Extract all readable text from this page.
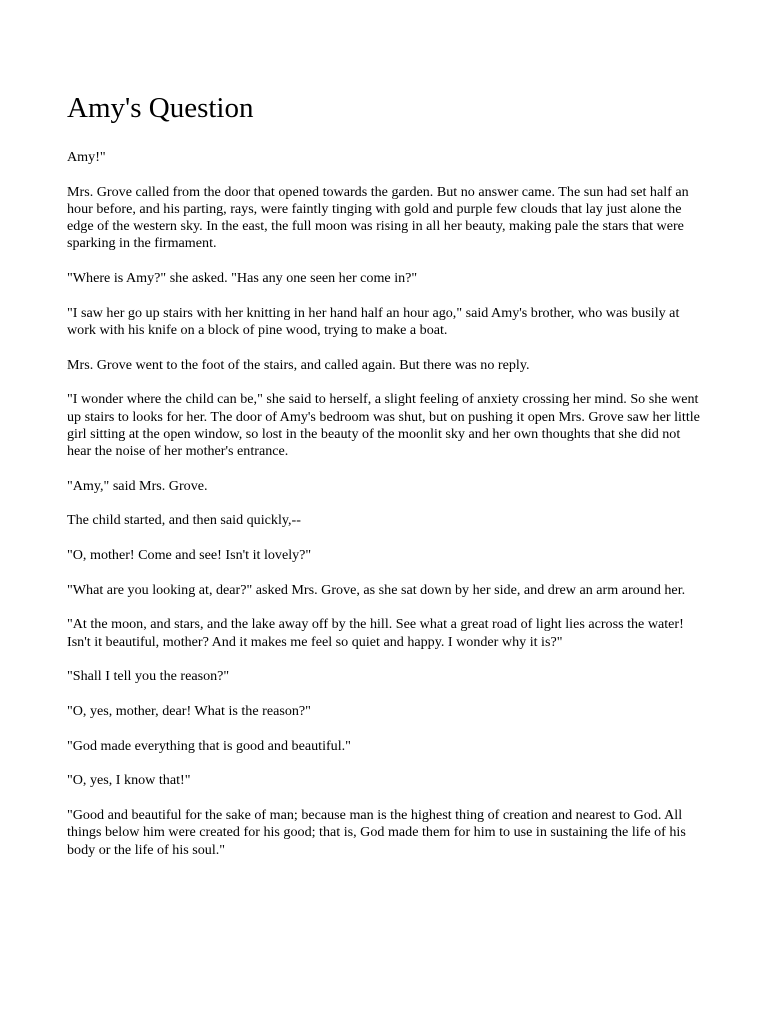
Amy's Question

Amy!"

Mrs. Grove called from the door that opened towards the garden. But no answer came. The sun had set half an hour before, and his parting, rays, were faintly tinging with gold and purple few clouds that lay just alone the edge of the western sky. In the east, the full moon was rising in all her beauty, making pale the stars that were sparking in the firmament.

"Where is Amy?" she asked. "Has any one seen her come in?"

"I saw her go up stairs with her knitting in her hand half an hour ago," said Amy's brother, who was busily at work with his knife on a block of pine wood, trying to make a boat.

Mrs. Grove went to the foot of the stairs, and called again. But there was no reply.

"I wonder where the child can be," she said to herself, a slight feeling of anxiety crossing her mind. So she went up stairs to looks for her. The door of Amy's bedroom was shut, but on pushing it open Mrs. Grove saw her little girl sitting at the open window, so lost in the beauty of the moonlit sky and her own thoughts that she did not hear the noise of her mother's entrance.

"Amy," said Mrs. Grove.

The child started, and then said quickly,--

"O, mother! Come and see! Isn't it lovely?"

"What are you looking at, dear?" asked Mrs. Grove, as she sat down by her side, and drew an arm around her.

"At the moon, and stars, and the lake away off by the hill. See what a great road of light lies across the water! Isn't it beautiful, mother? And it makes me feel so quiet and happy. I wonder why it is?"

"Shall I tell you the reason?"

"O, yes, mother, dear! What is the reason?"

"God made everything that is good and beautiful."

"O, yes, I know that!"

"Good and beautiful for the sake of man; because man is the highest thing of creation and nearest to God. All things below him were created for his good; that is, God made them for him to use in sustaining the life of his body or the life of his soul."
